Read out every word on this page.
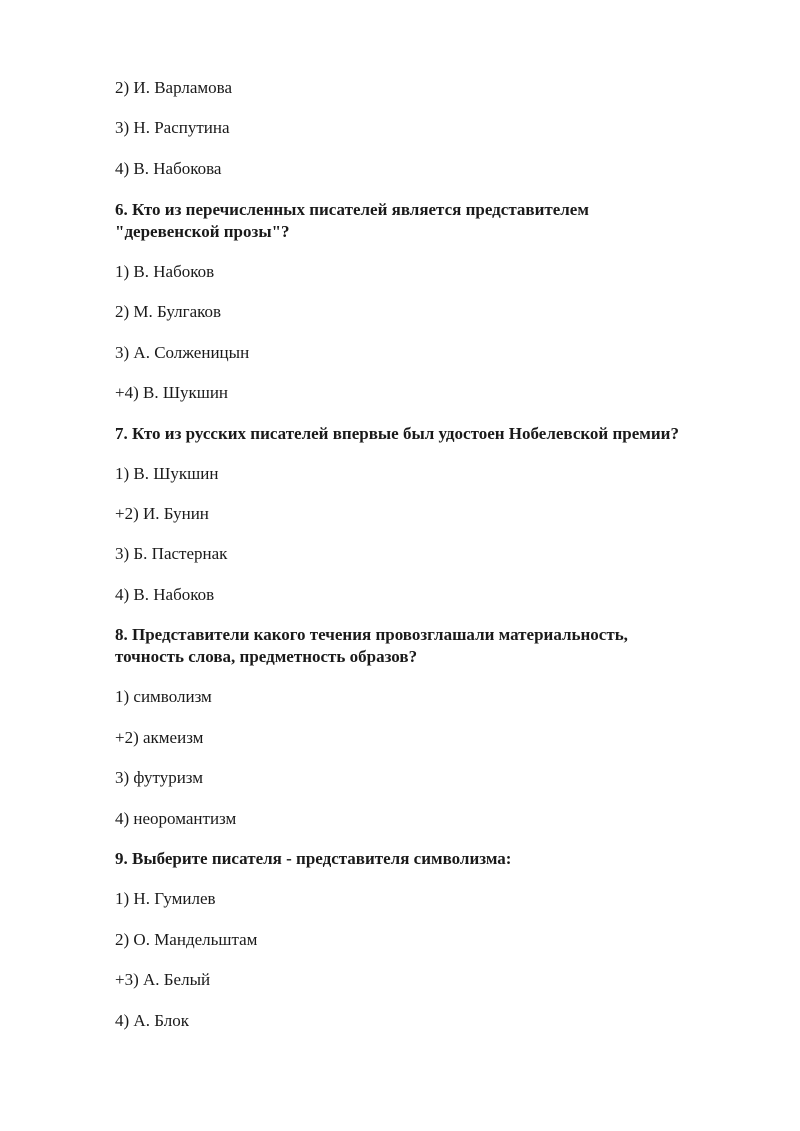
2) И. Варламова
3) Н. Распутина
4) В. Набокова
6. Кто из перечисленных писателей является представителем
"деревенской прозы"?
1) В. Набоков
2) М. Булгаков
3) А. Солженицын
+4) В. Шукшин
7. Кто из русских писателей впервые был удостоен Нобелевской премии?
1) В. Шукшин
+2) И. Бунин
3) Б. Пастернак
4) В. Набоков
8. Представители какого течения провозглашали материальность,
точность слова, предметность образов?
1) символизм
+2) акмеизм
3) футуризм
4) неоромантизм
9. Выберите писателя - представителя символизма:
1) Н. Гумилев
2) О. Мандельштам
+3) А. Белый
4) А. Блок
